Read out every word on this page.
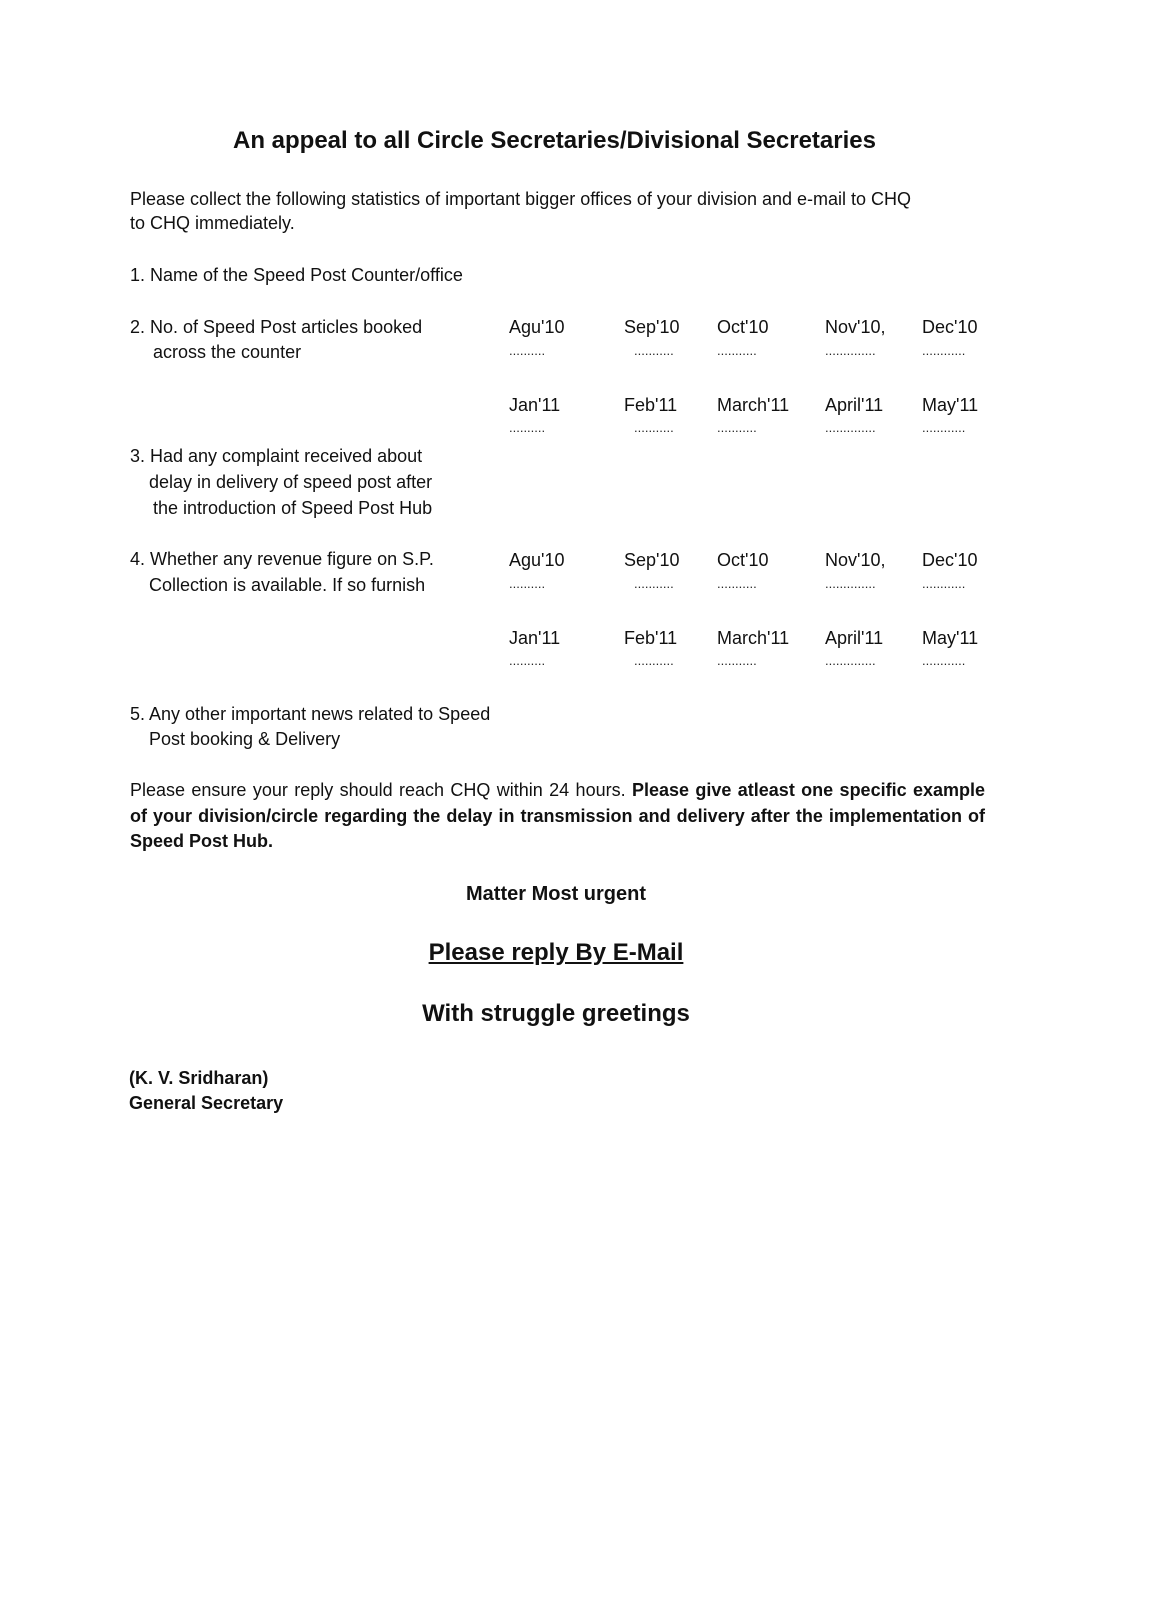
An appeal to all Circle Secretaries/Divisional Secretaries
Please collect the following statistics of important bigger offices of your division and e-mail to CHQ
to CHQ immediately.
1. Name of the Speed Post Counter/office
2. No. of Speed Post articles booked
across the counter
3. Had any complaint received about
delay in delivery of speed post after
the introduction of Speed Post Hub
4. Whether any revenue figure on S.P.
Collection is available. If so furnish
5. Any other important news related to Speed
Post booking & Delivery
Agu'10
..........
Sep'10
...........
Oct'10
...........
Nov'10,
..............
Dec'10
............
Jan'11
..........
Feb'11
...........
March'11
...........
April'11
..............
May'11
............
Agu'10
..........
Sep'10
...........
Oct'10
...........
Nov'10,
..............
Dec'10
............
Jan'11
..........
Feb'11
...........
March'11
...........
April'11
..............
May'11
............
Please ensure your reply should reach CHQ within 24 hours. Please give atleast one specific example of your division/circle regarding the delay in transmission and delivery after the implementation of Speed Post Hub.
Matter Most urgent
Please reply By E-Mail
With struggle greetings
(K. V. Sridharan)
General Secretary
